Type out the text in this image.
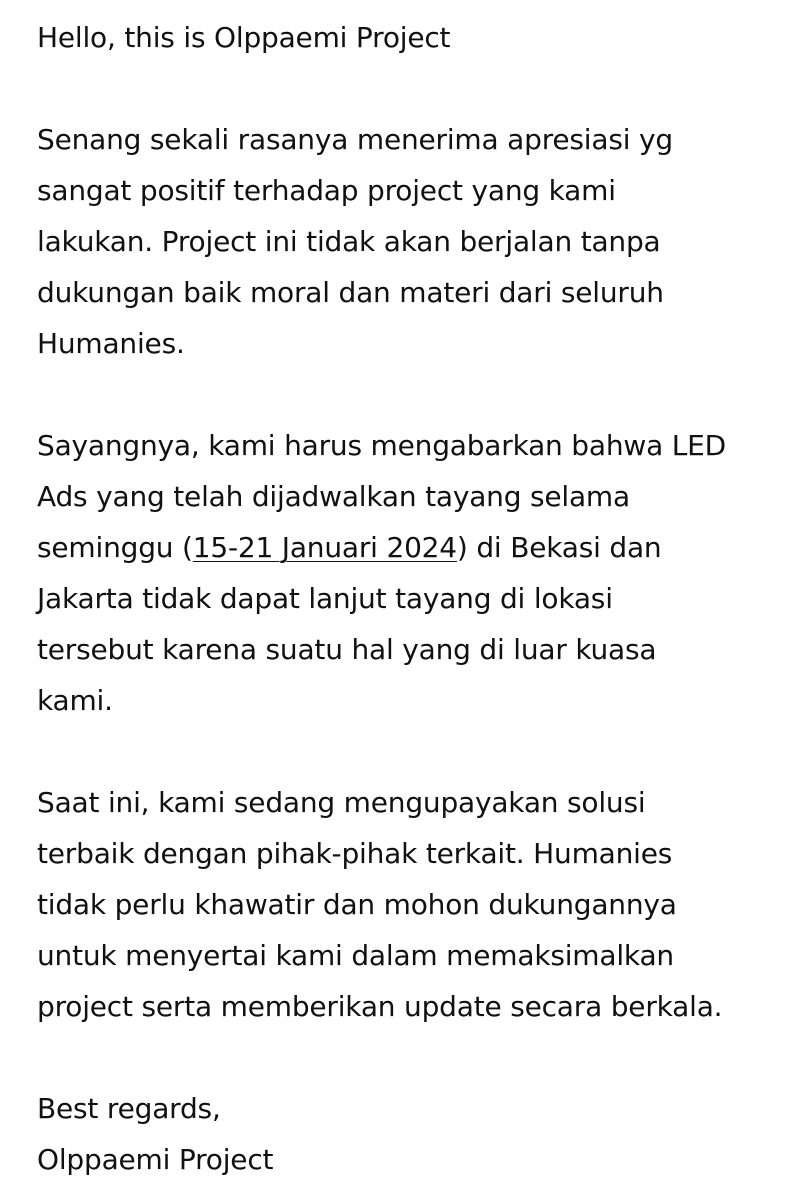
Hello, this is Olppaemi Project
Senang sekali rasanya menerima apresiasi yg
sangat positif terhadap project yang kami
lakukan. Project ini tidak akan berjalan tanpa
dukungan baik moral dan materi dari seluruh
Humanies.
Sayangnya, kami harus mengabarkan bahwa LED
Ads yang telah dijadwalkan tayang selama
seminggu (15-21 Januari 2024) di Bekasi dan
Jakarta tidak dapat lanjut tayang di lokasi
tersebut karena suatu hal yang di luar kuasa
kami.
Saat ini, kami sedang mengupayakan solusi
terbaik dengan pihak-pihak terkait. Humanies
tidak perlu khawatir dan mohon dukungannya
untuk menyertai kami dalam memaksimalkan
project serta memberikan update secara berkala.
Best regards,
Olppaemi Project
